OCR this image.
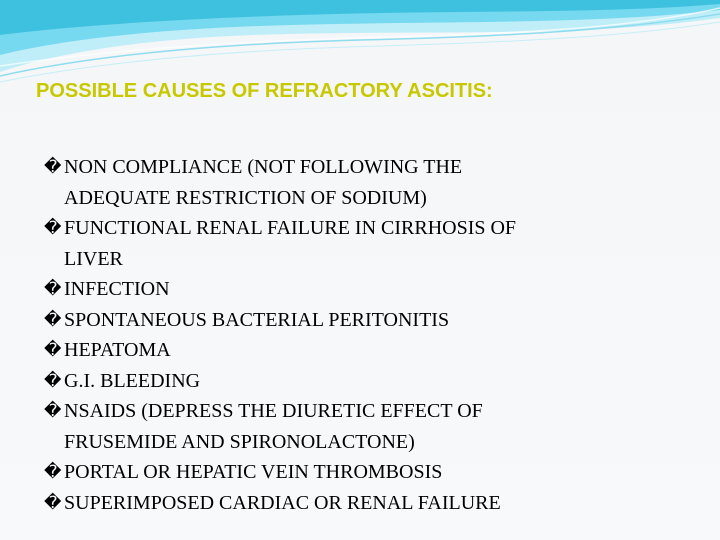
POSSIBLE CAUSES OF REFRACTORY ASCITIS:
� NON COMPLIANCE (NOT FOLLOWING THE
ADEQUATE RESTRICTION OF SODIUM)
� FUNCTIONAL RENAL FAILURE IN CIRRHOSIS OF
LIVER
� INFECTION
� SPONTANEOUS BACTERIAL PERITONITIS
� HEPATOMA
� G.I. BLEEDING
� NSAIDS (DEPRESS THE DIURETIC EFFECT OF
FRUSEMIDE AND SPIRONOLACTONE)
� PORTAL OR HEPATIC VEIN THROMBOSIS
� SUPERIMPOSED CARDIAC OR RENAL FAILURE
